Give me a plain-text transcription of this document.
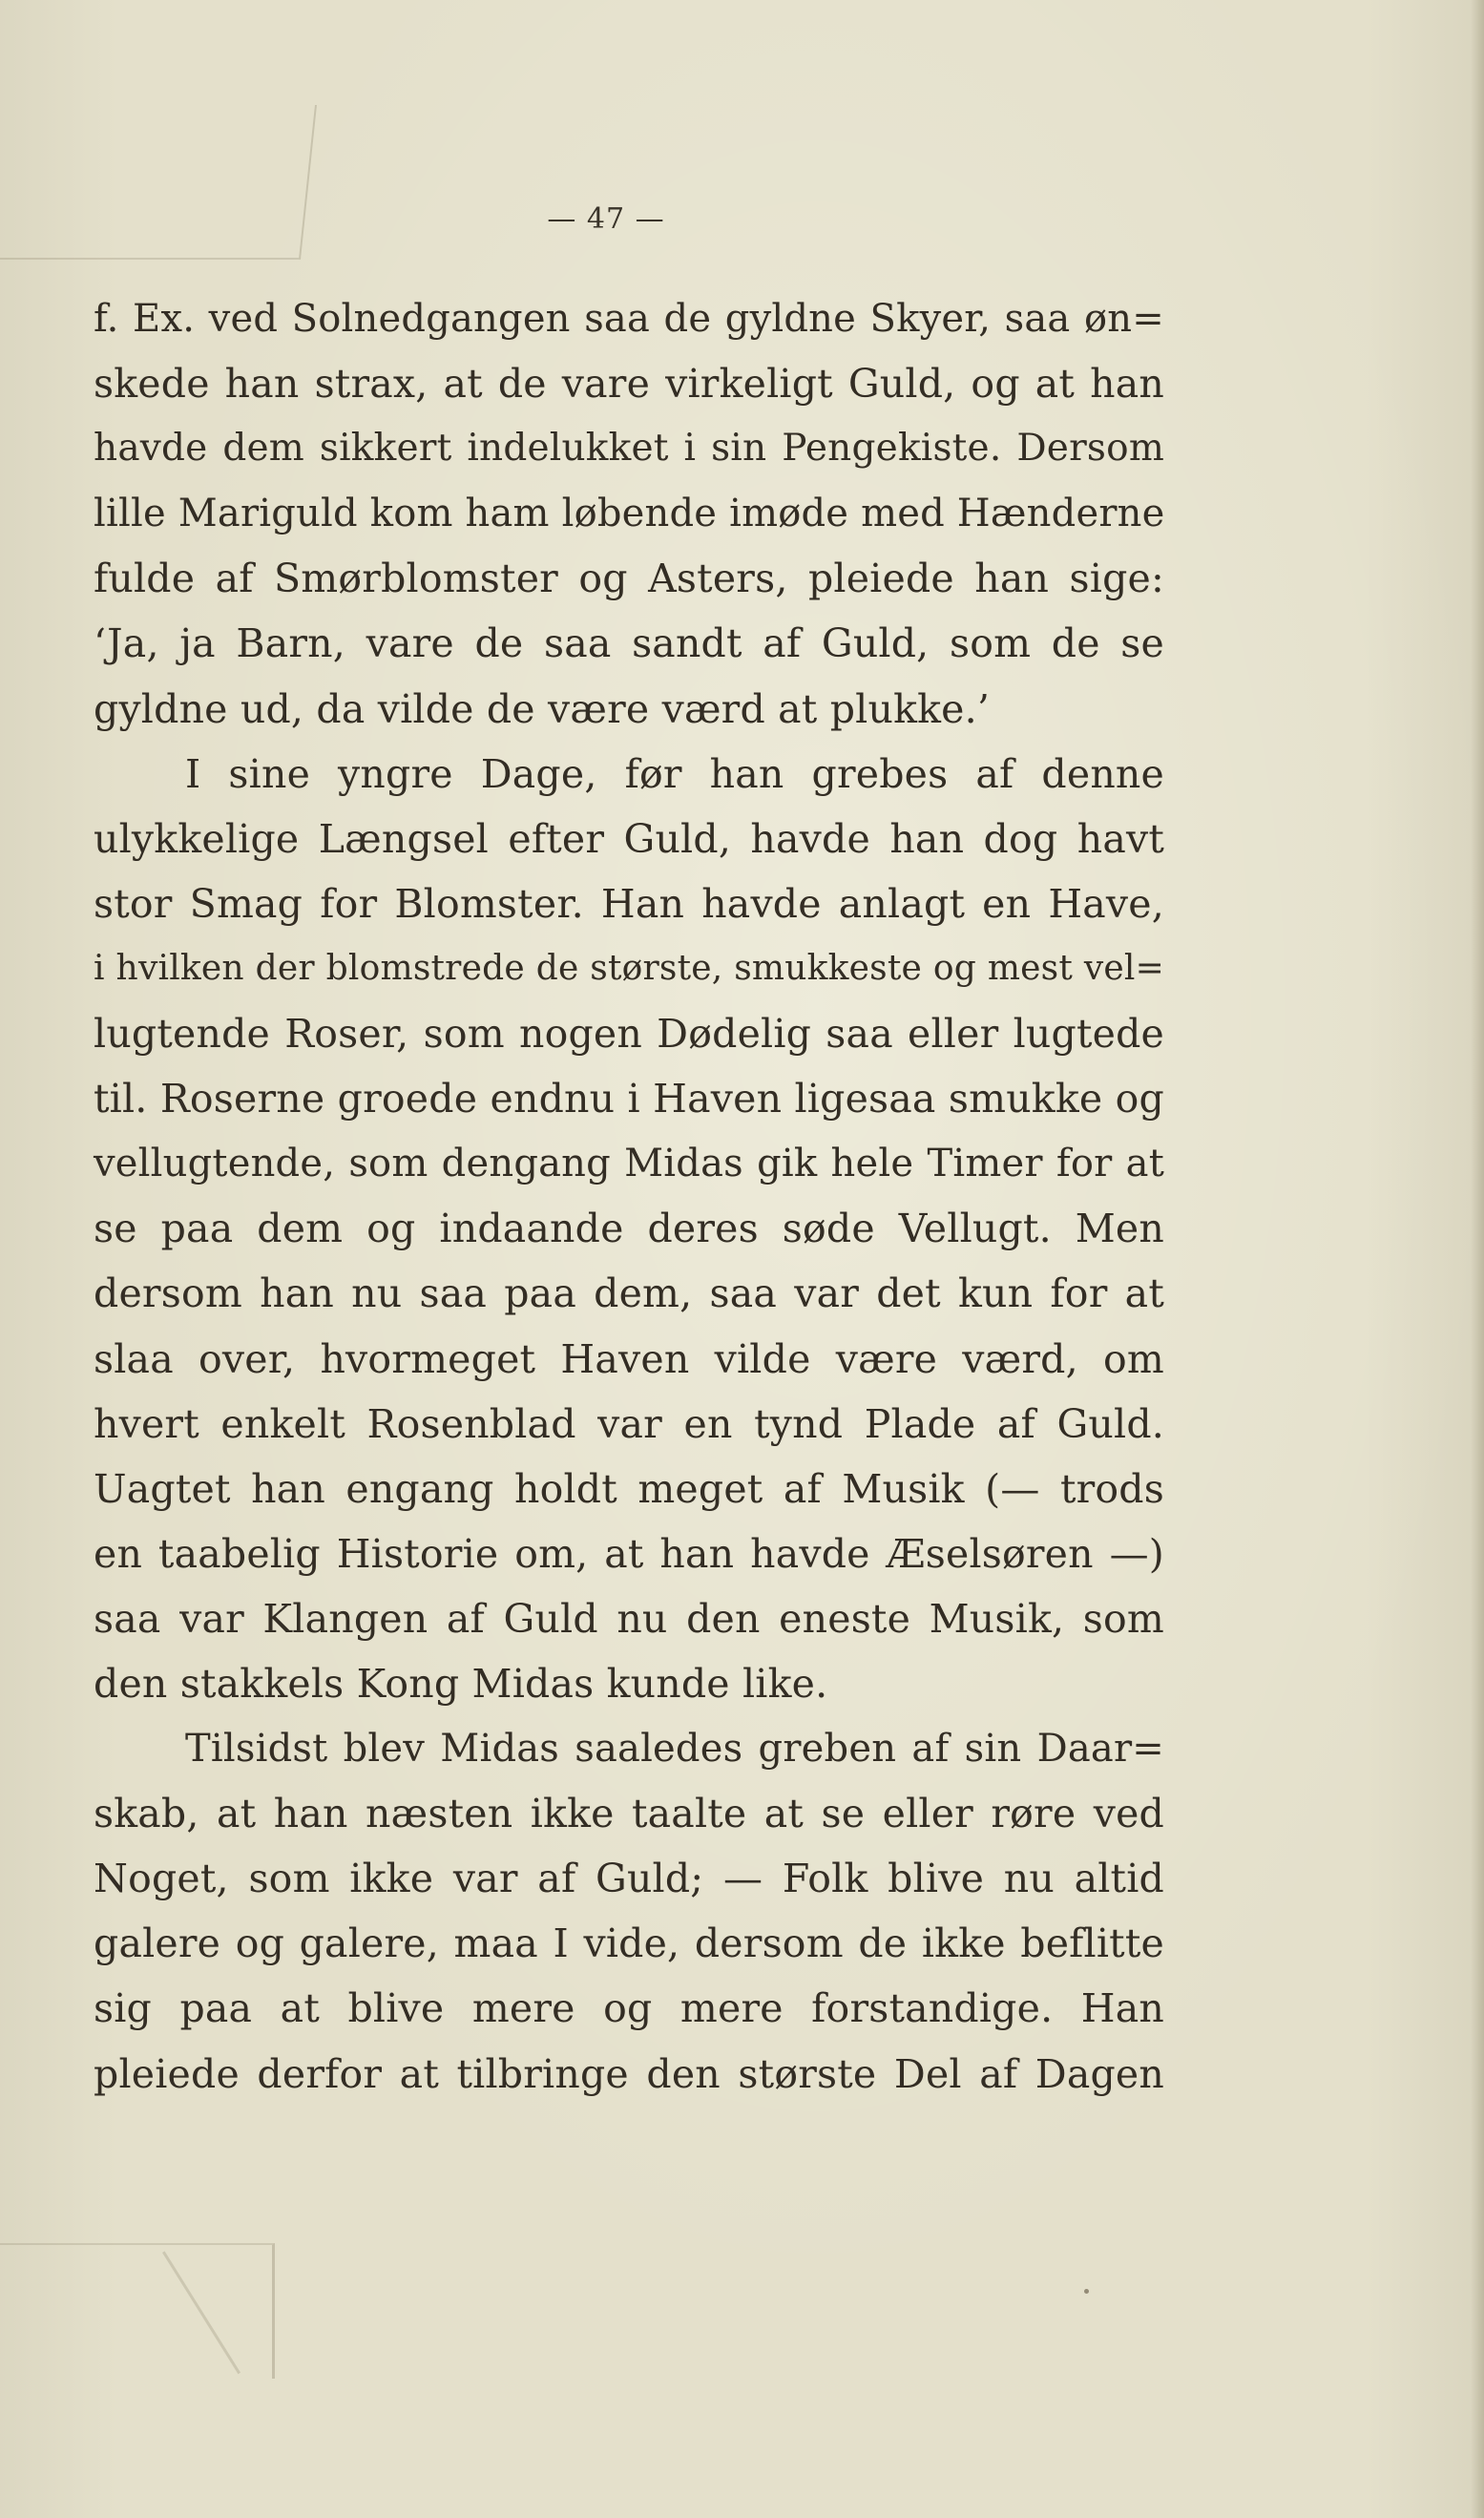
— 47 —
f. Ex. ved Solnedgangen saa de gyldne Skyer, saa øn=
skede han strax, at de vare virkeligt Guld, og at han
havde dem sikkert indelukket i sin Pengekiste. Dersom
lille Mariguld kom ham løbende imøde med Hænderne
fulde af Smørblomster og Asters, pleiede han sige:
‘Ja, ja Barn, vare de saa sandt af Guld, som de se
gyldne ud, da vilde de være værd at plukke.’
I sine yngre Dage, før han grebes af denne
ulykkelige Længsel efter Guld, havde han dog havt
stor Smag for Blomster. Han havde anlagt en Have,
i hvilken der blomstrede de største, smukkeste og mest vel=
lugtende Roser, som nogen Dødelig saa eller lugtede
til. Roserne groede endnu i Haven ligesaa smukke og
vellugtende, som dengang Midas gik hele Timer for at
se paa dem og indaande deres søde Vellugt. Men
dersom han nu saa paa dem, saa var det kun for at
slaa over, hvormeget Haven vilde være værd, om
hvert enkelt Rosenblad var en tynd Plade af Guld.
Uagtet han engang holdt meget af Musik (— trods
en taabelig Historie om, at han havde Æselsøren —)
saa var Klangen af Guld nu den eneste Musik, som
den stakkels Kong Midas kunde like.
Tilsidst blev Midas saaledes greben af sin Daar=
skab, at han næsten ikke taalte at se eller røre ved
Noget, som ikke var af Guld; — Folk blive nu altid
galere og galere, maa I vide, dersom de ikke beflitte
sig paa at blive mere og mere forstandige. Han
pleiede derfor at tilbringe den største Del af Dagen
